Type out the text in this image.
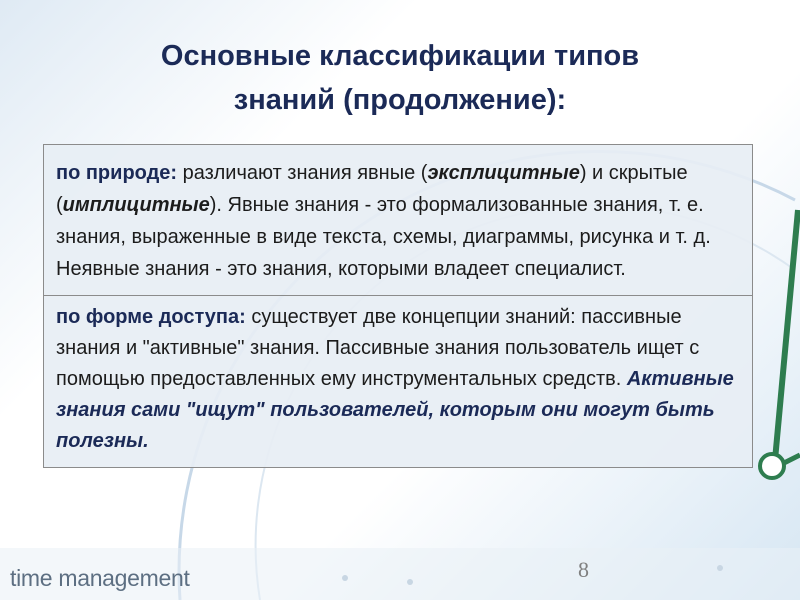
Основные классификации типов
знаний (продолжение):
по природе: различают знания явные (эксплицитные) и скрытые (имплицитные). Явные знания - это формализованные знания, т. е. знания, выраженные в виде текста, схемы, диаграммы, рисунка и т. д. Неявные знания - это знания, которыми владеет специалист.
по форме доступа: существует две концепции знаний: пассивные знания и "активные" знания. Пассивные знания пользователь ищет с помощью предоставленных ему инструментальных средств. Активные знания сами "ищут" пользователей, которым они могут быть полезны.
time management	8
